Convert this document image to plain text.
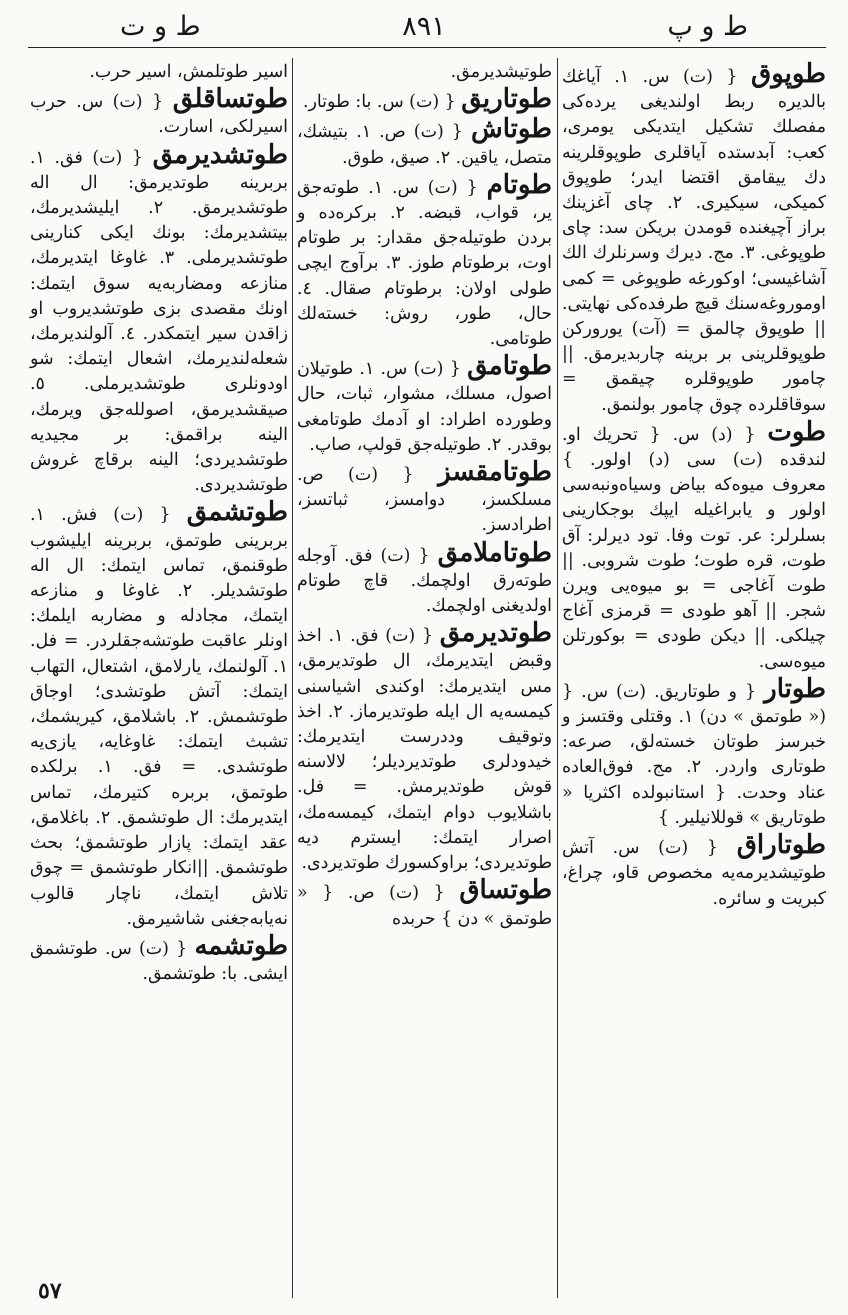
ط و پ
٨٩١
ط و ت

طوپوق { (ت) س. ١. آياغك بالديره ربط اولنديغى يرده‌كى مفصلك تشكيل ايتديكى يومرى، كعب: آبدستده آياقلرى طوپوقلرينه دك ييقامق اقتضا ايدر؛ طوپوق كميكى، سيكيرى. ٢. چاى آغزينك براز آچيغنده قومدن بريكن سد: چاى طوپوغى. ٣. مج. ديرك وسرنلرك الك آشاغيسى؛ اوكورغه طوپوغى = كمى اوموروغه‌سنك قيچ طرفده‌كى نهايتى. || طوپوق چالمق = (آت) يوروركن طوپوقلرينى بر برينه چاربديرمق. ||چامور طوپوقلره چيقمق = سوقاقلرده چوق چامور بولنمق.

طوت { (د) س. { تحريك او. لندقده (ت) سى (د) اولور. } معروف ميوه‌كه بياض وسياه‌ونبه‌سى اولور و يابراغيله ايپك بوجكارينى بسلرلر: عر. توت وفا. تود ديرلر: آق طوت، قره طوت؛ طوت شروبى. || طوت آغاجى = بو ميوه‌يى ويرن شجر. || آهو طودى = قرمزى آغاج چيلكى. || ديكن طودى = بوكورتلن ميوه‌سى.

طوتار { و طوتاريق. (ت) س. { (« طوتمق » دن) ١. وقتلى وقتسز و خبرسز طوتان خسته‌لق، صرعه: طوتارى واردر. ٢. مج. فوق‌العاده عناد وحدت. { استانبولده اكثريا « طوتاريق » قوللانيلير. }

طوتاراق { (ت) س. آتش طوتيشديرمه‌يه مخصوص قاو، چراغ، كبريت و سائره.

طوتيشديرمق.

طوتاريق { (ت) س. با: طوتار.

طوتاش { (ت) ص. ١. بتيشك، متصل، ياقين. ٢. صيق، طوق.

طوتام { (ت) س. ١. طوته‌جق ير، قواب، قبضه. ٢. بركره‌ده و بردن طوتيله‌جق مقدار: بر طوتام اوت، برطوتام طوز. ٣. برآوج ايچى طولى اولان: برطوتام صقال. ٤. حال، طور، روش: خسته‌لك طوتامى.

طوتامق { (ت) س. ١. طوتيلان اصول، مسلك، مشوار، ثبات، حال وطورده اطراد: او آدمك طوتامغى بوقدر. ٢. طوتيله‌جق قولپ، صاپ.

طوتامقسز { (ت) ص. مسلكسز، دوامسز، ثباتسز، اطرادسز.

طوتاملامق { (ت) فق. آوجله طوته‌رق اولچمك. قاچ طوتام اولديغنى اولچمك.

طوتدیرمق { (ت) فق. ١. اخذ وقبض ايتديرمك، ال طوتديرمق، مس ايتديرمك: اوكندى اشياسنى كيمسه‌يه ال ايله طوتديرماز. ٢. اخذ وتوقيف وددرست ايتديرمك: خيدودلرى طوتديرديلر؛ لالاسنه قوش طوتديرمش. = فل. باشلايوب دوام ايتمك، كيمسه‌مك، اصرار ايتمك: ايسترم ديه طوتديردى؛ براوكسورك طوتديردى.

طوتساق { (ت) ص. { « طوتمق » دن } حربده

اسير طوتلمش، اسير حرب.

طوتساقلق { (ت) س. حرب اسيرلكى، اسارت.

طوتشدیرمق { (ت) فق. ١. بربرينه طوتديرمق: ال اله طوتشديرمق. ٢. ايليشديرمك، بيتشديرمك: بونك ايكى كنارينى طوتشديرملى. ٣. غاوغا ايتديرمك، منازعه ومضاربه‌يه سوق ايتمك: اونك مقصدى بزى طوتشديروب او زاقدن سير ايتمكدر. ٤. آلولنديرمك، شعله‌لنديرمك، اشعال ايتمك: شو اودونلرى طوتشديرملى. ٥. صيقشديرمق، اصولله‌جق ويرمك، الينه براقمق: بر مجيديه طوتشديردى؛ الينه برقاچ غروش طوتشديردى.

طوتشمق { (ت) فش. ١. بربرينى طوتمق، بربرينه ايليشوب طوقنمق، تماس ايتمك: ال اله طوتشديلر. ٢. غاوغا و منازعه ايتمك، مجادله و مضاربه ايلمك: اونلر عاقبت طوتشه‌جقلردر. = فل. ١. آلولنمك، يارلامق، اشتعال، التهاب ايتمك: آتش طوتشدى؛ اوجاق طوتشمش. ٢. باشلامق، كيريشمك، تشبث ايتمك: غاوغايه، يازى‌يه طوتشدى. = فق. ١. برلكده طوتمق، بربره كتيرمك، تماس ايتديرمك: ال طوتشمق. ٢. باغلامق، عقد ايتمك: پازار طوتشمق؛ بحث طوتشمق. ||انكار طوتشمق = چوق تلاش ايتمك، ناچار قالوب نه‌يابه‌جغنى شاشيرمق.

طوتشمه { (ت) س. طوتشمق ايشى. با: طوتشمق.

٥٧
